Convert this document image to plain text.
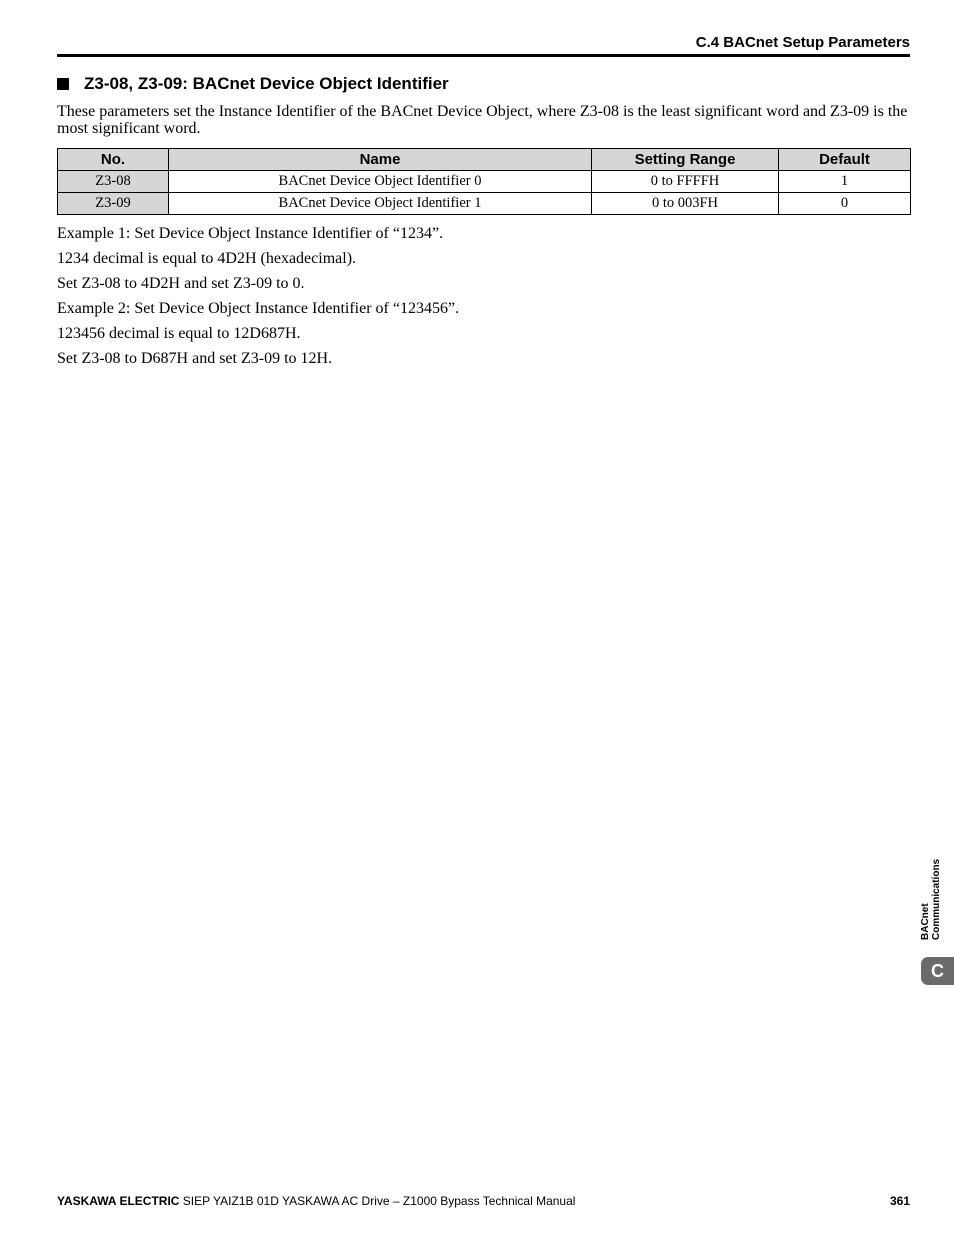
C.4 BACnet Setup Parameters
Z3-08, Z3-09: BACnet Device Object Identifier
These parameters set the Instance Identifier of the BACnet Device Object, where Z3-08 is the least significant word and Z3-09 is the most significant word.
No.	Name	Setting Range	Default
Z3-08	BACnet Device Object Identifier 0	0 to FFFFH	1
Z3-09	BACnet Device Object Identifier 1	0 to 003FH	0

Example 1: Set Device Object Instance Identifier of “1234”.

1234 decimal is equal to 4D2H (hexadecimal).

Set Z3-08 to 4D2H and set Z3-09 to 0.

Example 2: Set Device Object Instance Identifier of “123456”.

123456 decimal is equal to 12D687H.

Set Z3-08 to D687H and set Z3-09 to 12H.

BACnet Communications
C
YASKAWA ELECTRIC SIEP YAIZ1B 01D YASKAWA AC Drive – Z1000 Bypass Technical Manual	361
